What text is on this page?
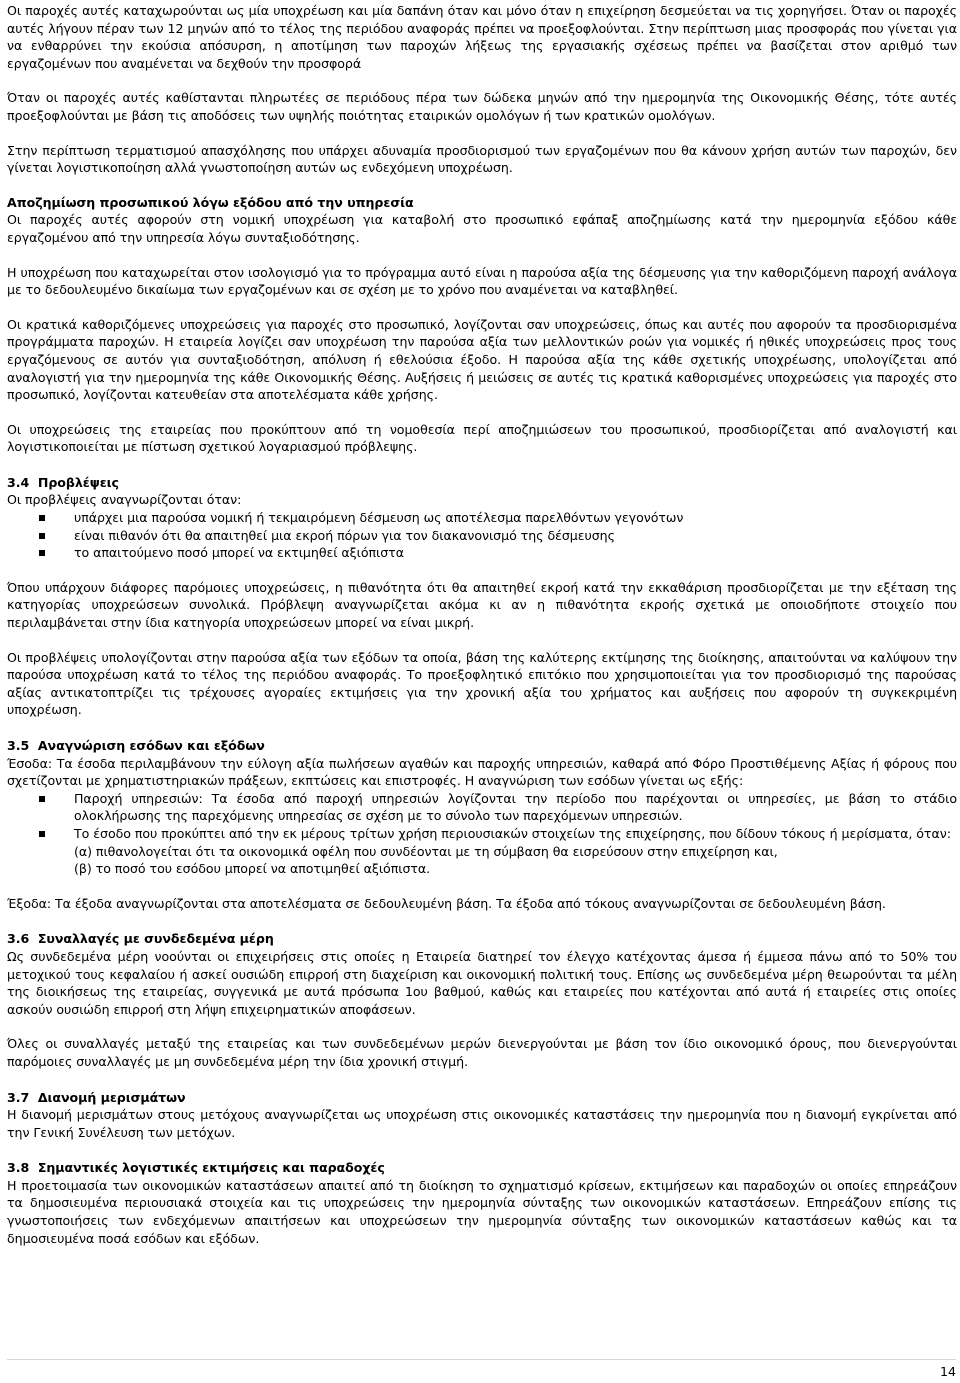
Οι παροχές αυτές καταχωρούνται ως μία υποχρέωση και μία δαπάνη όταν και μόνο όταν η επιχείρηση δεσμεύεται να τις χορηγήσει. Όταν οι παροχές αυτές λήγουν πέραν των 12 μηνών από το τέλος της περιόδου αναφοράς πρέπει να προεξοφλούνται. Στην περίπτωση μιας προσφοράς που γίνεται για να ενθαρρύνει την εκούσια απόσυρση, η αποτίμηση των παροχών λήξεως της εργασιακής σχέσεως πρέπει να βασίζεται στον αριθμό των εργαζομένων που αναμένεται να δεχθούν την προσφορά

Όταν οι παροχές αυτές καθίστανται πληρωτέες σε περιόδους πέρα των δώδεκα μηνών από την ημερομηνία της Οικονομικής Θέσης, τότε αυτές προεξοφλούνται με βάση τις αποδόσεις των υψηλής ποιότητας εταιρικών ομολόγων ή των κρατικών ομολόγων.

Στην περίπτωση τερματισμού απασχόλησης που υπάρχει αδυναμία προσδιορισμού των εργαζομένων που θα κάνουν χρήση αυτών των παροχών, δεν γίνεται λογιστικοποίηση αλλά γνωστοποίηση αυτών ως ενδεχόμενη υποχρέωση.

Αποζημίωση προσωπικού λόγω εξόδου από την υπηρεσία

Οι παροχές αυτές αφορούν στη νομική υποχρέωση για καταβολή στο προσωπικό εφάπαξ αποζημίωσης κατά την ημερομηνία εξόδου κάθε εργαζομένου από την υπηρεσία λόγω συνταξιοδότησης.

Η υποχρέωση που καταχωρείται στον ισολογισμό για το πρόγραμμα αυτό είναι η παρούσα αξία της δέσμευσης για την καθοριζόμενη παροχή ανάλογα με το δεδουλευμένο δικαίωμα των εργαζομένων και σε σχέση με το χρόνο που αναμένεται να καταβληθεί.

Οι κρατικά καθοριζόμενες υποχρεώσεις για παροχές στο προσωπικό, λογίζονται σαν υποχρεώσεις, όπως και αυτές που αφορούν τα προσδιορισμένα προγράμματα παροχών. Η εταιρεία λογίζει σαν υποχρέωση την παρούσα αξία των μελλοντικών ροών για νομικές ή ηθικές υποχρεώσεις προς τους εργαζόμενους σε αυτόν για συνταξιοδότηση, απόλυση ή εθελούσια έξοδο. Η παρούσα αξία της κάθε σχετικής υποχρέωσης, υπολογίζεται από αναλογιστή για την ημερομηνία της κάθε Οικονομικής Θέσης. Αυξήσεις ή μειώσεις σε αυτές τις κρατικά καθορισμένες υποχρεώσεις για παροχές στο προσωπικό, λογίζονται κατευθείαν στα αποτελέσματα κάθε χρήσης.

Οι υποχρεώσεις της εταιρείας που προκύπτουν από τη νομοθεσία περί αποζημιώσεων του προσωπικού, προσδιορίζεται από αναλογιστή και λογιστικοποιείται με πίστωση σχετικού λογαριασμού πρόβλεψης.

3.4 Προβλέψεις

Οι προβλέψεις αναγνωρίζονται όταν:

υπάρχει μια παρούσα νομική ή τεκμαιρόμενη δέσμευση ως αποτέλεσμα παρελθόντων γεγονότων
είναι πιθανόν ότι θα απαιτηθεί μια εκροή πόρων για τον διακανονισμό της δέσμευσης
το απαιτούμενο ποσό μπορεί να εκτιμηθεί αξιόπιστα

Όπου υπάρχουν διάφορες παρόμοιες υποχρεώσεις, η πιθανότητα ότι θα απαιτηθεί εκροή κατά την εκκαθάριση προσδιορίζεται με την εξέταση της κατηγορίας υποχρεώσεων συνολικά. Πρόβλεψη αναγνωρίζεται ακόμα κι αν η πιθανότητα εκροής σχετικά με οποιοδήποτε στοιχείο που περιλαμβάνεται στην ίδια κατηγορία υποχρεώσεων μπορεί να είναι μικρή.

Οι προβλέψεις υπολογίζονται στην παρούσα αξία των εξόδων τα οποία, βάση της καλύτερης εκτίμησης της διοίκησης, απαιτούνται να καλύψουν την παρούσα υποχρέωση κατά το τέλος της περιόδου αναφοράς. Το προεξοφλητικό επιτόκιο που χρησιμοποιείται για τον προσδιορισμό της παρούσας αξίας αντικατοπτρίζει τις τρέχουσες αγοραίες εκτιμήσεις για την χρονική αξία του χρήματος και αυξήσεις που αφορούν τη συγκεκριμένη υποχρέωση.

3.5 Αναγνώριση εσόδων και εξόδων

Έσοδα: Τα έσοδα περιλαμβάνουν την εύλογη αξία πωλήσεων αγαθών και παροχής υπηρεσιών, καθαρά από Φόρο Προστιθέμενης Αξίας ή φόρους που σχετίζονται με χρηματιστηριακών πράξεων, εκπτώσεις και επιστροφές. Η αναγνώριση των εσόδων γίνεται ως εξής:

Παροχή υπηρεσιών: Τα έσοδα από παροχή υπηρεσιών λογίζονται την περίοδο που παρέχονται οι υπηρεσίες, με βάση το στάδιο ολοκλήρωσης της παρεχόμενης υπηρεσίας σε σχέση με το σύνολο των παρεχόμενων υπηρεσιών.
Το έσοδο που προκύπτει από την εκ μέρους τρίτων χρήση περιουσιακών στοιχείων της επιχείρησης, που δίδουν τόκους ή μερίσματα, όταν:
(α) πιθανολογείται ότι τα οικονομικά οφέλη που συνδέονται με τη σύμβαση θα εισρεύσουν στην επιχείρηση και,
(β) το ποσό του εσόδου μπορεί να αποτιμηθεί αξιόπιστα.

Έξοδα: Τα έξοδα αναγνωρίζονται στα αποτελέσματα σε δεδουλευμένη βάση. Τα έξοδα από τόκους αναγνωρίζονται σε δεδουλευμένη βάση.

3.6 Συναλλαγές με συνδεδεμένα μέρη

Ως συνδεδεμένα μέρη νοούνται οι επιχειρήσεις στις οποίες η Εταιρεία διατηρεί τον έλεγχο κατέχοντας άμεσα ή έμμεσα πάνω από το 50% του μετοχικού τους κεφαλαίου ή ασκεί ουσιώδη επιρροή στη διαχείριση και οικονομική πολιτική τους. Επίσης ως συνδεδεμένα μέρη θεωρούνται τα μέλη της διοικήσεως της εταιρείας, συγγενικά με αυτά πρόσωπα 1ου βαθμού, καθώς και εταιρείες που κατέχονται από αυτά ή εταιρείες στις οποίες ασκούν ουσιώδη επιρροή στη λήψη επιχειρηματικών αποφάσεων.

Όλες οι συναλλαγές μεταξύ της εταιρείας και των συνδεδεμένων μερών διενεργούνται με βάση τον ίδιο οικονομικό όρους, που διενεργούνται παρόμοιες συναλλαγές με μη συνδεδεμένα μέρη την ίδια χρονική στιγμή.

3.7 Διανομή μερισμάτων

Η διανομή μερισμάτων στους μετόχους αναγνωρίζεται ως υποχρέωση στις οικονομικές καταστάσεις την ημερομηνία που η διανομή εγκρίνεται από την Γενική Συνέλευση των μετόχων.

3.8 Σημαντικές λογιστικές εκτιμήσεις και παραδοχές

Η προετοιμασία των οικονομικών καταστάσεων απαιτεί από τη διοίκηση το σχηματισμό κρίσεων, εκτιμήσεων και παραδοχών οι οποίες επηρεάζουν τα δημοσιευμένα περιουσιακά στοιχεία και τις υποχρεώσεις την ημερομηνία σύνταξης των οικονομικών καταστάσεων. Επηρεάζουν επίσης τις γνωστοποιήσεις των ενδεχόμενων απαιτήσεων και υποχρεώσεων την ημερομηνία σύνταξης των οικονομικών καταστάσεων καθώς και τα δημοσιευμένα ποσά εσόδων και εξόδων.

14
